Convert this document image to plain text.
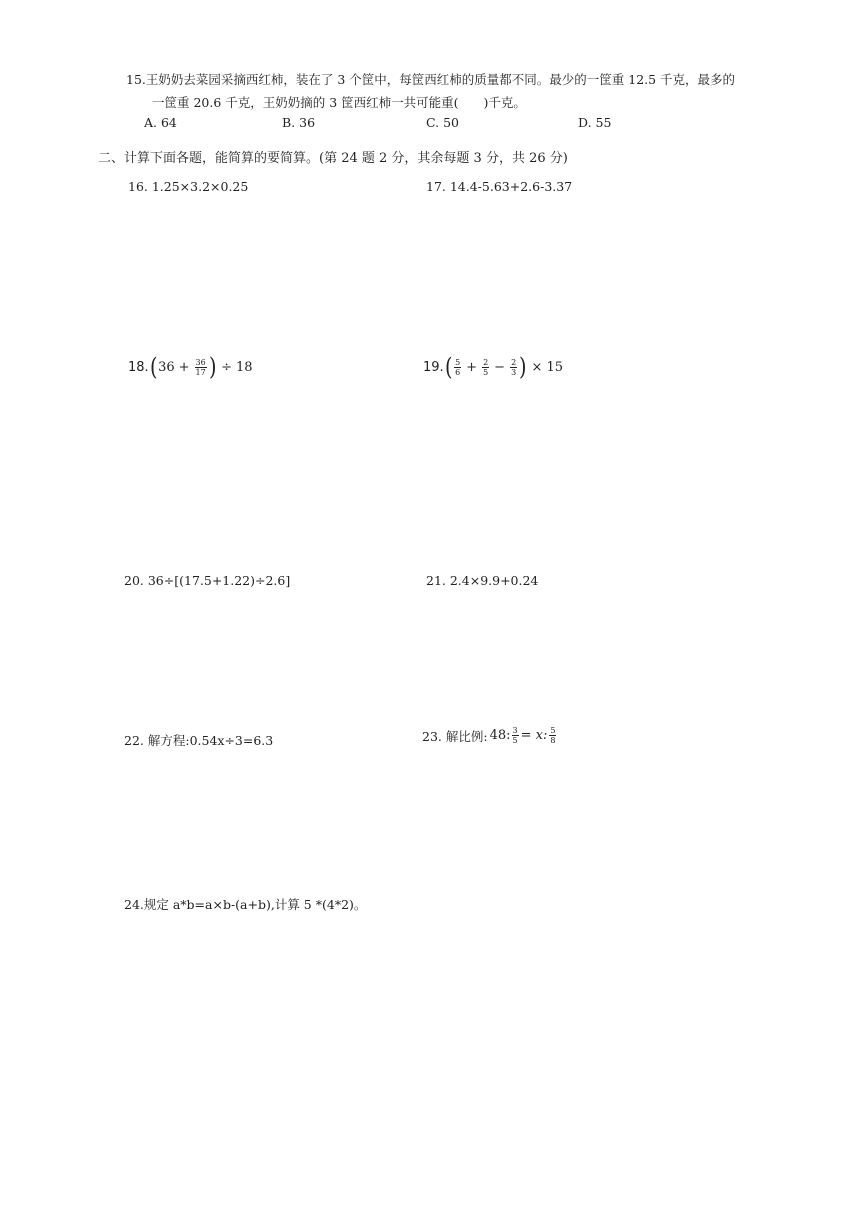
15.王奶奶去菜园采摘西红柿，装在了 3 个筐中，每筐西红柿的质量都不同。最少的一筐重 12.5 千克，最多的
一筐重 20.6 千克，王奶奶摘的 3 筐西红柿一共可能重(　　)千克。
A. 64	B. 36	C. 50	D. 55
二、计算下面各题，能简算的要简算。(第 24 题 2 分，其余每题 3 分，共 26 分)
16. 1.25×3.2×0.25	17. 14.4-5.63+2.6-3.37
18. ( $36 + \frac{36}{17}$ ) ÷ 18	19. ( $\frac{5}{6} + \frac{2}{5} - \frac{2}{3}$ ) × 15
20. 36÷[(17.5+1.22)÷2.6]	21. 2.4×9.9+0.24
22. 解方程:0.54x÷3=6.3	23. 解比例: 48: $\frac{3}{5} = x$: $\frac{5}{8}$
24.规定 a*b=a×b-(a+b),计算 5 *(4*2)。
